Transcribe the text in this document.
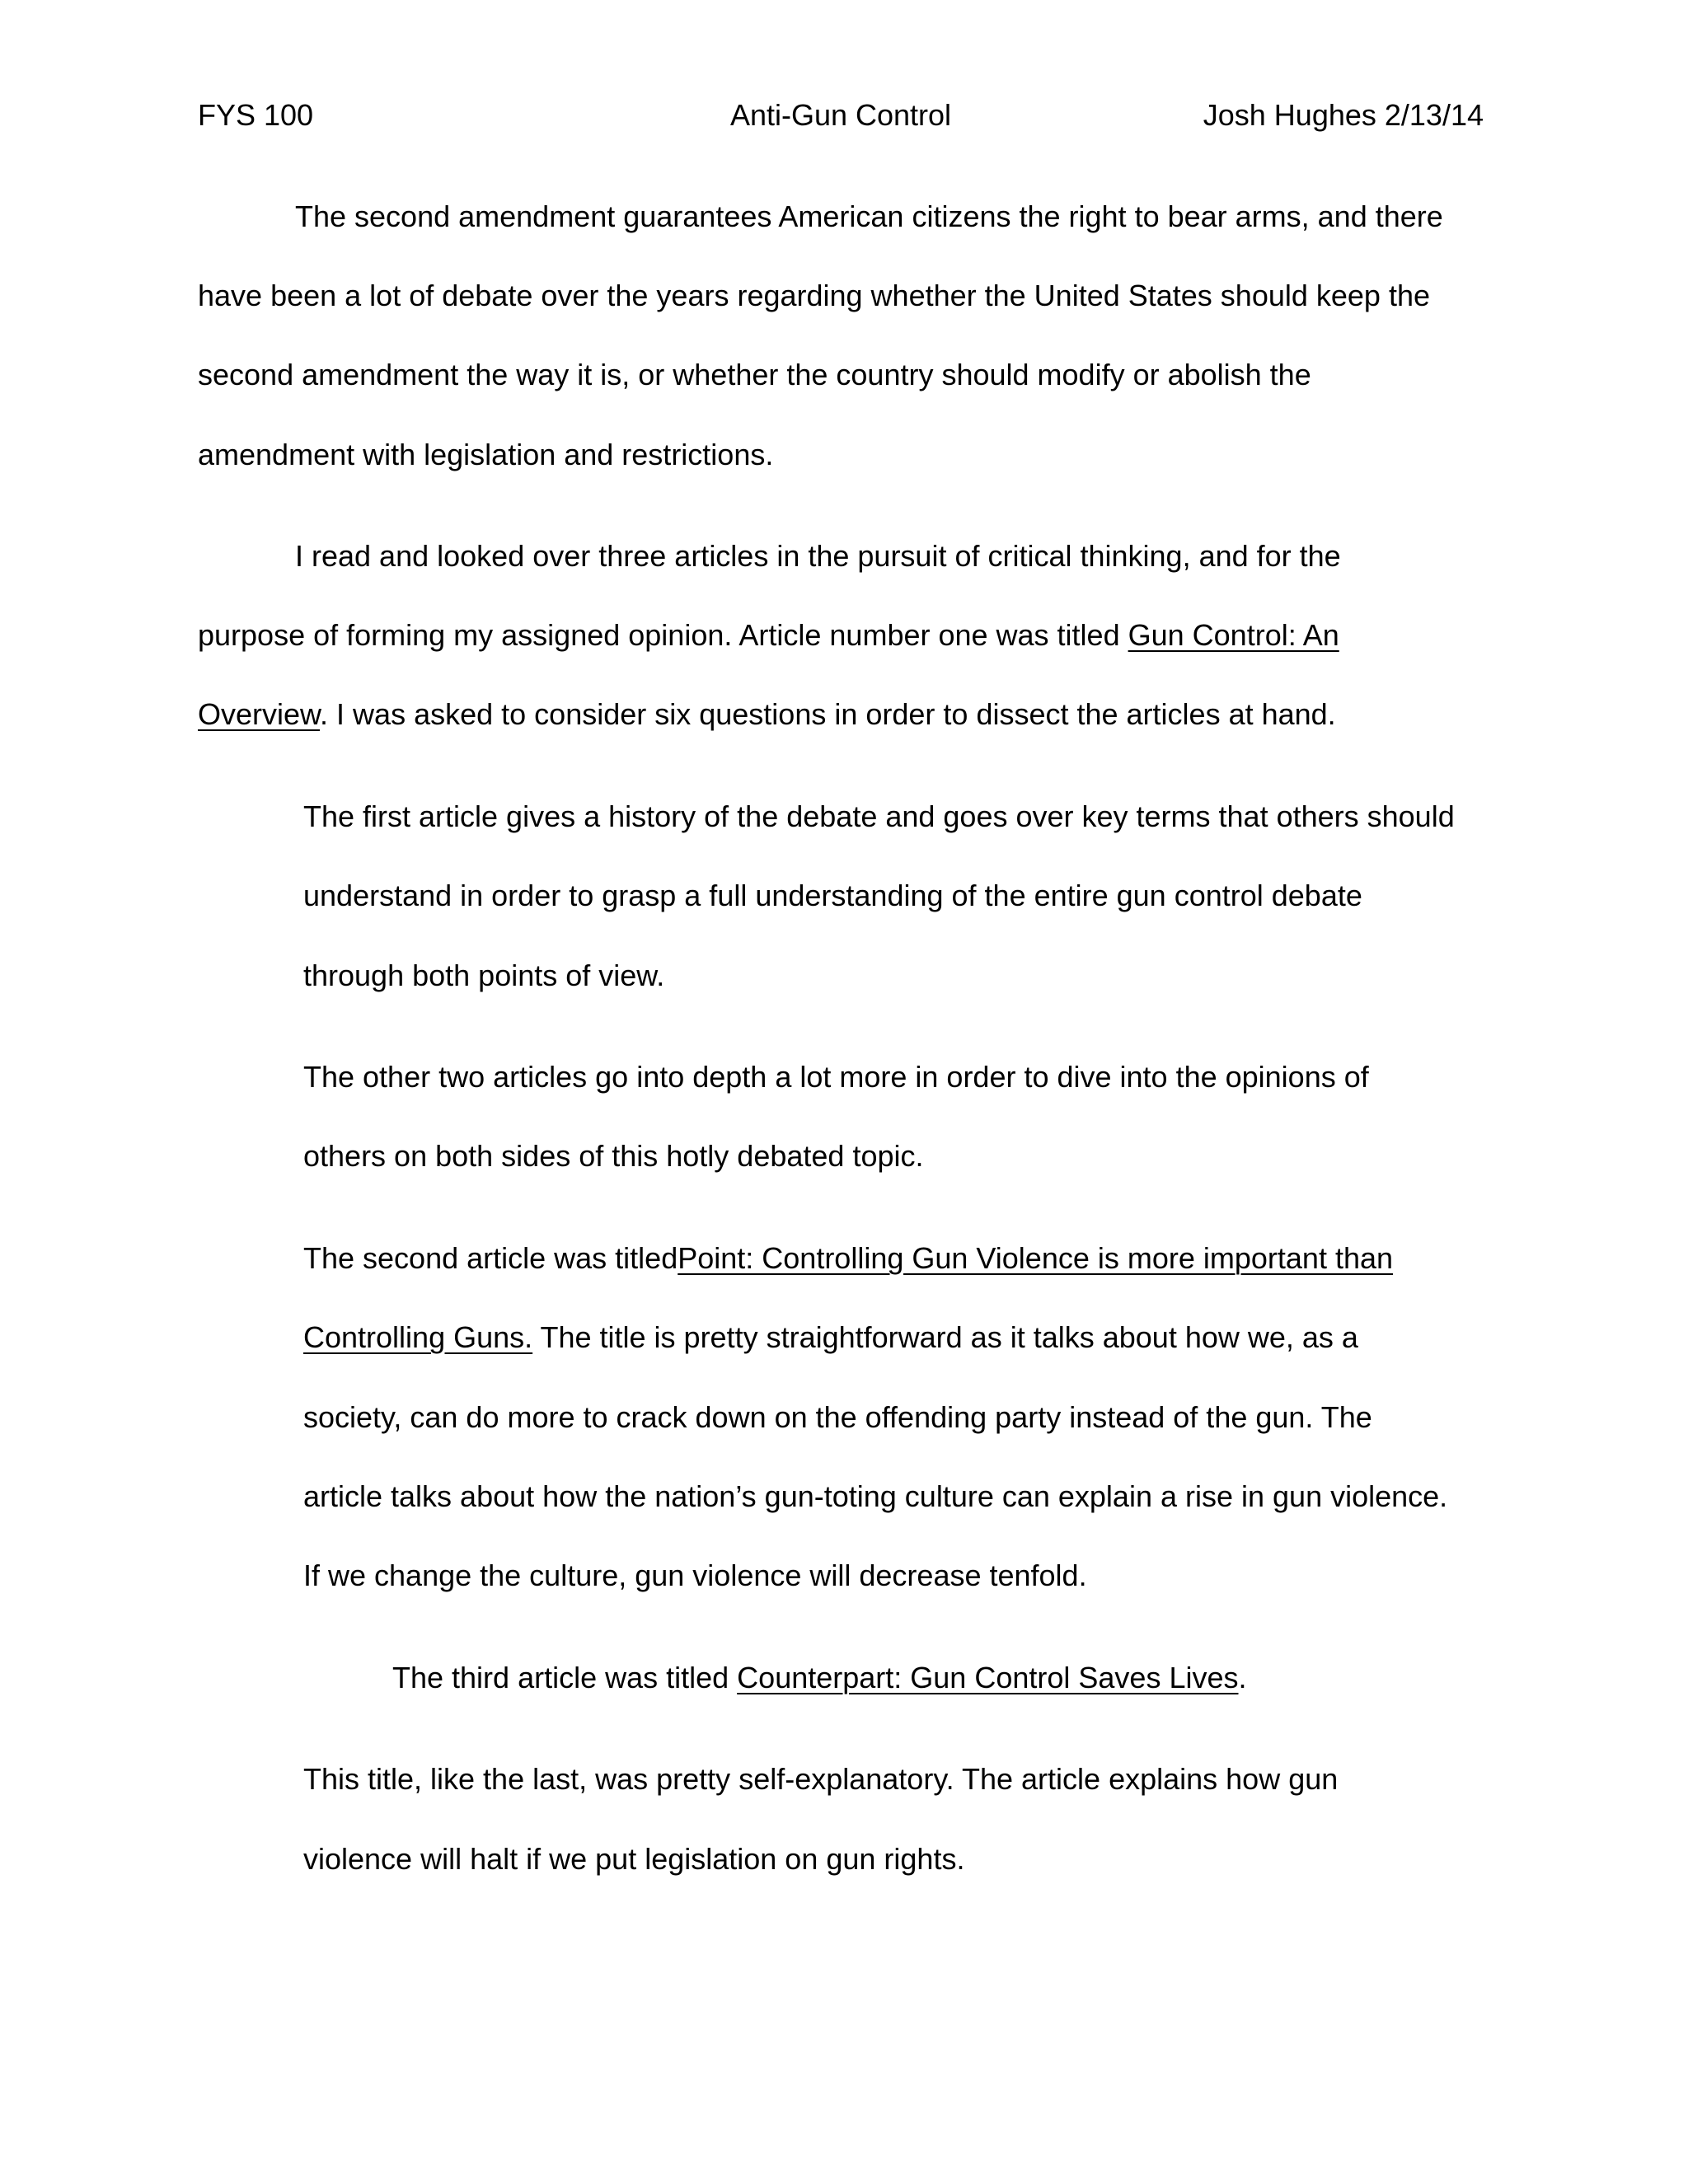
FYS 100	Anti-Gun Control	Josh Hughes 2/13/14
The second amendment guarantees American citizens the right to bear arms, and there
have been a lot of debate over the years regarding whether the United States should keep the
second amendment the way it is, or whether the country should modify or abolish the
amendment with legislation and restrictions.
I read and looked over three articles in the pursuit of critical thinking, and for the
purpose of forming my assigned opinion. Article number one was titled Gun Control: An
Overview. I was asked to consider six questions in order to dissect the articles at hand.
The first article gives a history of the debate and goes over key terms that others should
understand in order to grasp a full understanding of the entire gun control debate
through both points of view.
The other two articles go into depth a lot more in order to dive into the opinions of
others on both sides of this hotly debated topic.
The second article was titledPoint: Controlling Gun Violence is more important than
Controlling Guns. The title is pretty straightforward as it talks about how we, as a
society, can do more to crack down on the offending party instead of the gun. The
article talks about how the nation’s gun-toting culture can explain a rise in gun violence.
If we change the culture, gun violence will decrease tenfold.
The third article was titled Counterpart: Gun Control Saves Lives.
This title, like the last, was pretty self-explanatory. The article explains how gun
violence will halt if we put legislation on gun rights.
